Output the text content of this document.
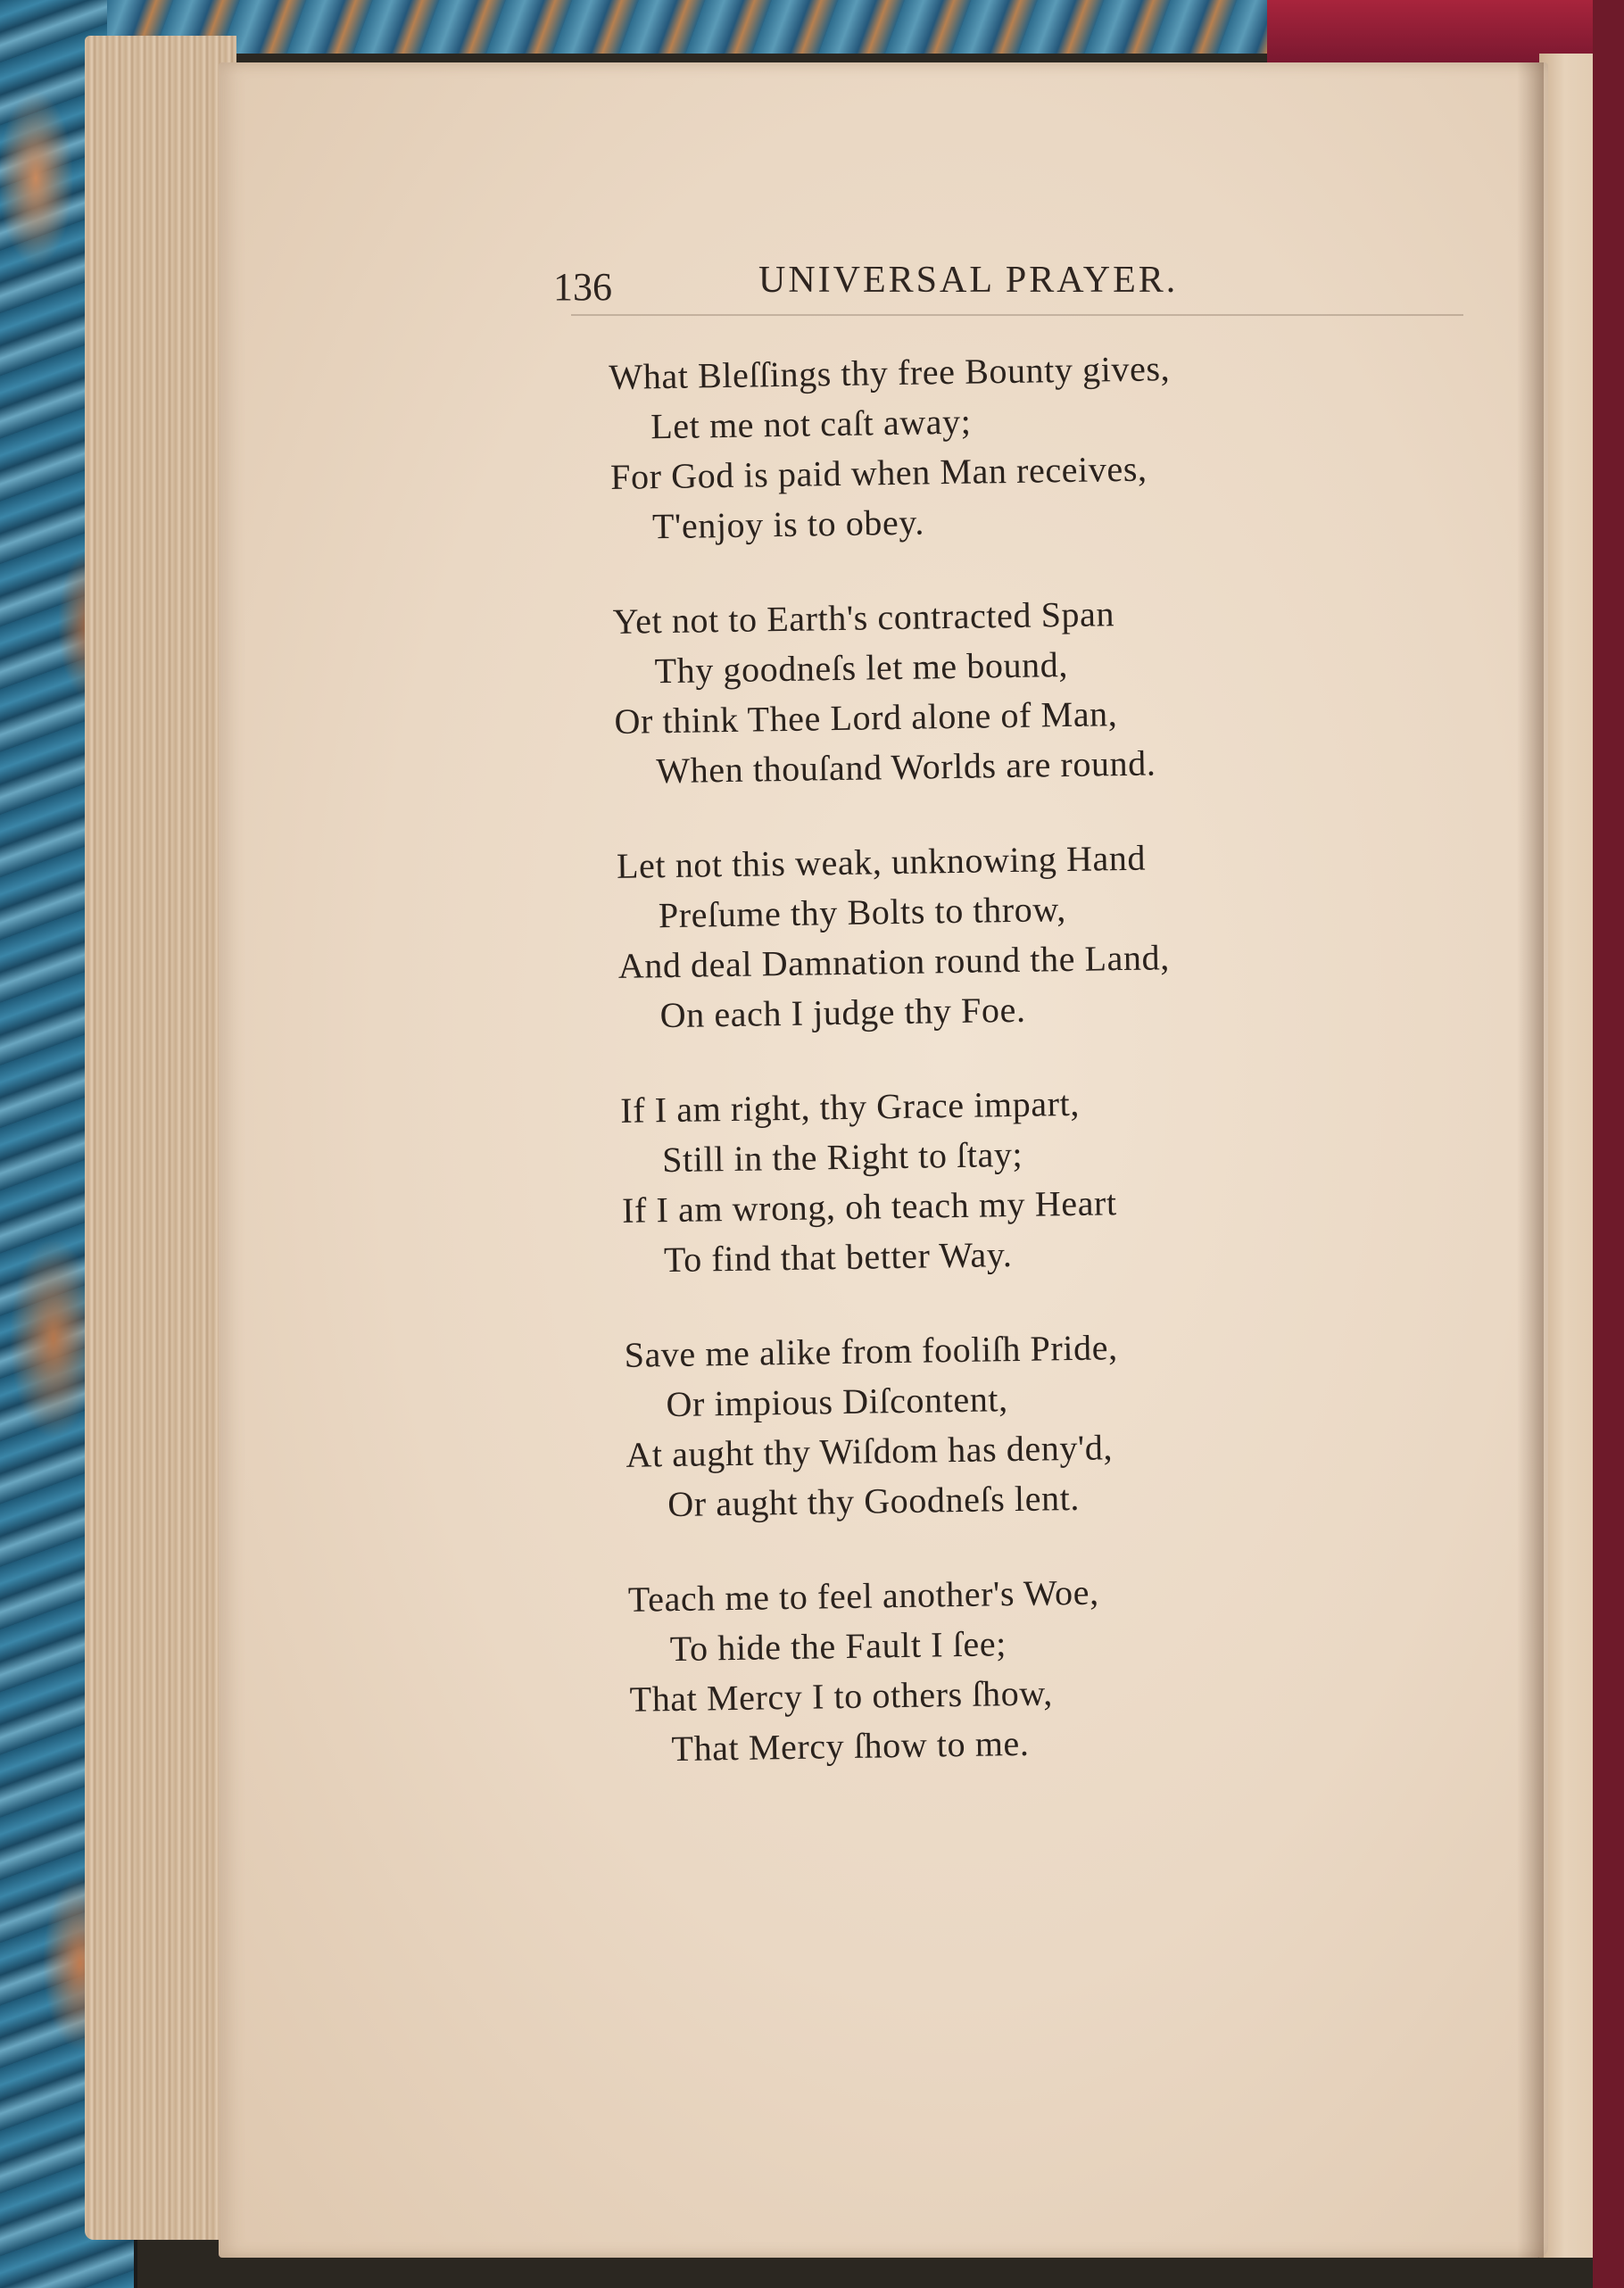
136	UNIVERSAL PRAYER.
What Bleſſings thy free Bounty gives,
Let me not caſt away;
For God is paid when Man receives,
T'enjoy is to obey.
Yet not to Earth's contracted Span
Thy goodneſs let me bound,
Or think Thee Lord alone of Man,
When thouſand Worlds are round.
Let not this weak, unknowing Hand
Preſume thy Bolts to throw,
And deal Damnation round the Land,
On each I judge thy Foe.
If I am right, thy Grace impart,
Still in the Right to ſtay;
If I am wrong, oh teach my Heart
To find that better Way.
Save me alike from fooliſh Pride,
Or impious Diſcontent,
At aught thy Wiſdom has deny'd,
Or aught thy Goodneſs lent.
Teach me to feel another's Woe,
To hide the Fault I ſee;
That Mercy I to others ſhow,
That Mercy ſhow to me.
